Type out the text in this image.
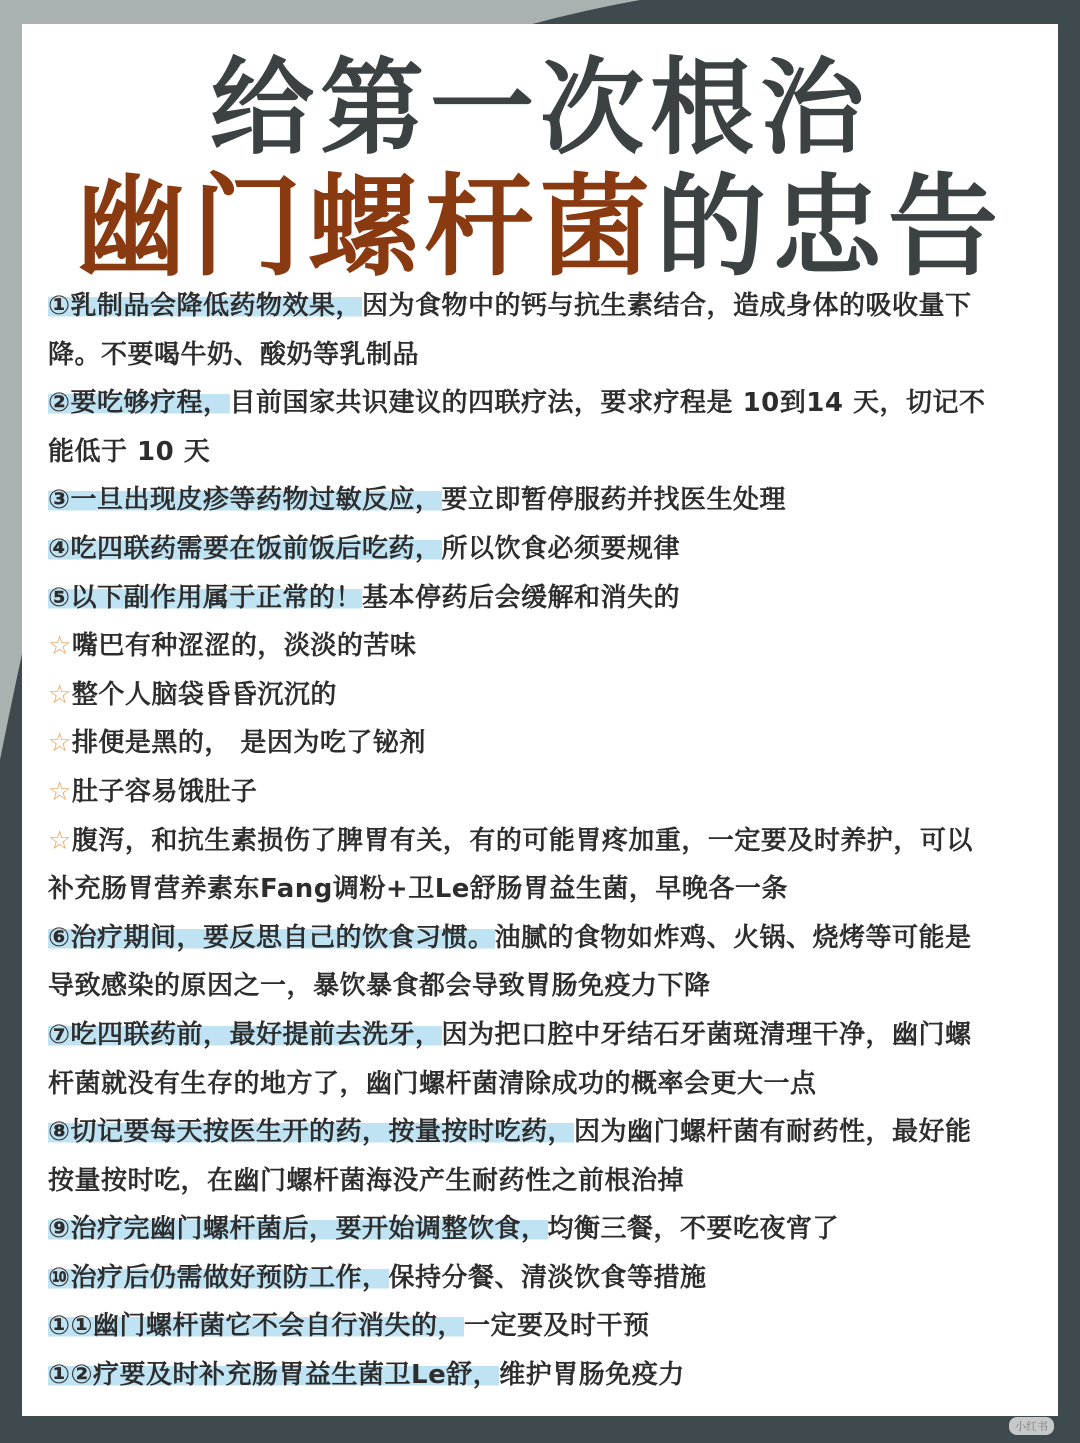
给第一次根治
幽门螺杆菌的忠告
①乳制品会降低药物效果，因为食物中的钙与抗生素结合，造成身体的吸收量下
降。不要喝牛奶、酸奶等乳制品
②要吃够疗程，目前国家共识建议的四联疗法，要求疗程是 10到14 天，切记不
能低于 10 天
③一旦出现皮疹等药物过敏反应，要立即暂停服药并找医生处理
④吃四联药需要在饭前饭后吃药，所以饮食必须要规律
⑤以下副作用属于正常的！基本停药后会缓解和消失的
☆嘴巴有种涩涩的，淡淡的苦味
☆整个人脑袋昏昏沉沉的
☆排便是黑的， 是因为吃了铋剂
☆肚子容易饿肚子
☆腹泻，和抗生素损伤了脾胃有关，有的可能胃疼加重，一定要及时养护，可以
补充肠胃营养素东Fang调粉+卫Le舒肠胃益生菌，早晚各一条
⑥治疗期间，要反思自己的饮食习惯。油腻的食物如炸鸡、火锅、烧烤等可能是
导致感染的原因之一，暴饮暴食都会导致胃肠免疫力下降
⑦吃四联药前，最好提前去洗牙，因为把口腔中牙结石牙菌斑清理干净，幽门螺
杆菌就没有生存的地方了，幽门螺杆菌清除成功的概率会更大一点
⑧切记要每天按医生开的药，按量按时吃药，因为幽门螺杆菌有耐药性，最好能
按量按时吃，在幽门螺杆菌海没产生耐药性之前根治掉
⑨治疗完幽门螺杆菌后，要开始调整饮食，均衡三餐，不要吃夜宵了
⑩治疗后仍需做好预防工作，保持分餐、清淡饮食等措施
①①幽门螺杆菌它不会自行消失的，一定要及时干预
①②疗要及时补充肠胃益生菌卫Le舒，维护胃肠免疫力
小红书
